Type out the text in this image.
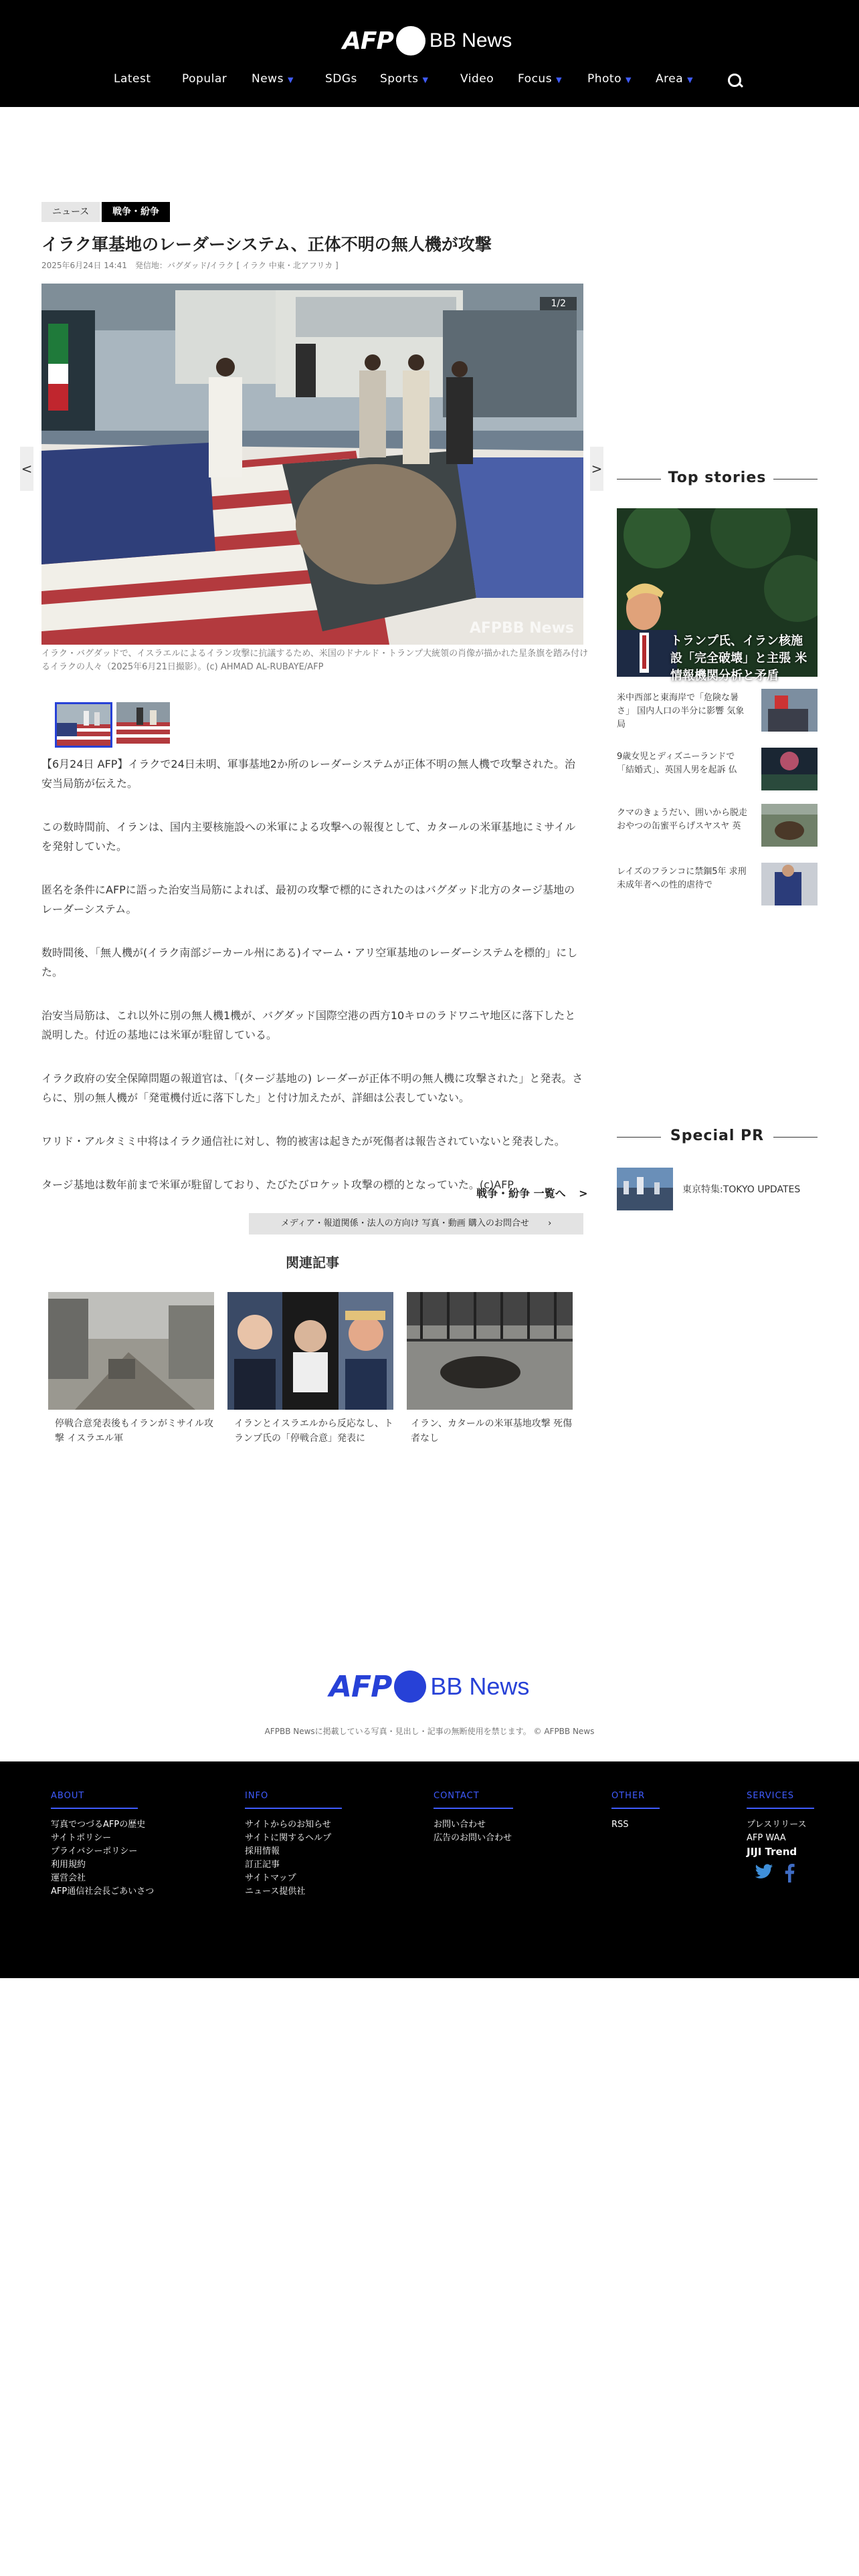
AFP BB News
Latest	Popular News ▼	SDGs Sports ▼	Video Focus ▼ Photo ▼ Area ▼
ニュース	戦争・紛争
イラク軍基地のレーダーシステム、正体不明の無人機が攻撃
2025年6月24日 14:41　発信地：バグダッド/イラク [ イラク 中東・北アフリカ ]
<	>
1/2
AFPBB News
イラク・バグダッドで、イスラエルによるイラン攻撃に抗議するため、米国のドナルド・トランプ大統領の肖像が描かれた星条旗を踏み付けるイラクの人々（2025年6月21日撮影）。(c) AHMAD AL-RUBAYE/AFP

【6月24日 AFP】イラクで24日未明、軍事基地2か所のレーダーシステムが正体不明の無人機で攻撃された。治安当局筋が伝えた。

この数時間前、イランは、国内主要核施設への米軍による攻撃への報復として、カタールの米軍基地にミサイルを発射していた。

匿名を条件にAFPに語った治安当局筋によれば、最初の攻撃で標的にされたのはバグダッド北方のタージ基地のレーダーシステム。

数時間後、「無人機が(イラク南部ジーカール州にある)イマーム・アリ空軍基地のレーダーシステムを標的」にした。

治安当局筋は、これ以外に別の無人機1機が、バグダッド国際空港の西方10キロのラドワニヤ地区に落下したと説明した。付近の基地には米軍が駐留している。

イラク政府の安全保障問題の報道官は、「(タージ基地の) レーダーが正体不明の無人機に攻撃された」と発表。さらに、別の無人機が「発電機付近に落下した」と付け加えたが、詳細は公表していない。

ワリド・アルタミミ中将はイラク通信社に対し、物的被害は起きたが死傷者は報告されていないと発表した。

タージ基地は数年前まで米軍が駐留しており、たびたびロケット攻撃の標的となっていた。(c)AFP

戦争・紛争 一覧へ >
メディア・報道関係・法人の方向け 写真・動画 購入のお問合せ ›
関連記事
停戦合意発表後もイランがミサイル攻撃 イスラエル軍
イランとイスラエルから反応なし、トランプ氏の「停戦合意」発表に
イラン、カタールの米軍基地攻撃 死傷者なし
Top stories
トランプ氏、イラン核施設「完全破壊」と主張 米情報機関分析と矛盾
米中西部と東海岸で「危険な暑さ」 国内人口の半分に影響 気象局
9歳女児とディズニーランドで「結婚式」、英国人男を起訴 仏
クマのきょうだい、囲いから脱走 おやつの缶蜜平らげスヤスヤ 英
レイズのフランコに禁錮5年 求刑 未成年者への性的虐待で
Special PR
東京特集:TOKYO UPDATES
AFP BB News
AFPBB Newsに掲載している写真・見出し・記事の無断使用を禁じます。 © AFPBB News
ABOUT
写真でつづるAFPの歴史
サイトポリシー
プライバシーポリシー
利用規約
運営会社
AFP通信社会長ごあいさつ
INFO
サイトからのお知らせ
サイトに関するヘルプ
採用情報
訂正記事
サイトマップ
ニュース提供社
CONTACT
お問い合わせ
広告のお問い合わせ
OTHER
RSS
SERVICES
プレスリリース
AFP WAA
JIJI Trend
